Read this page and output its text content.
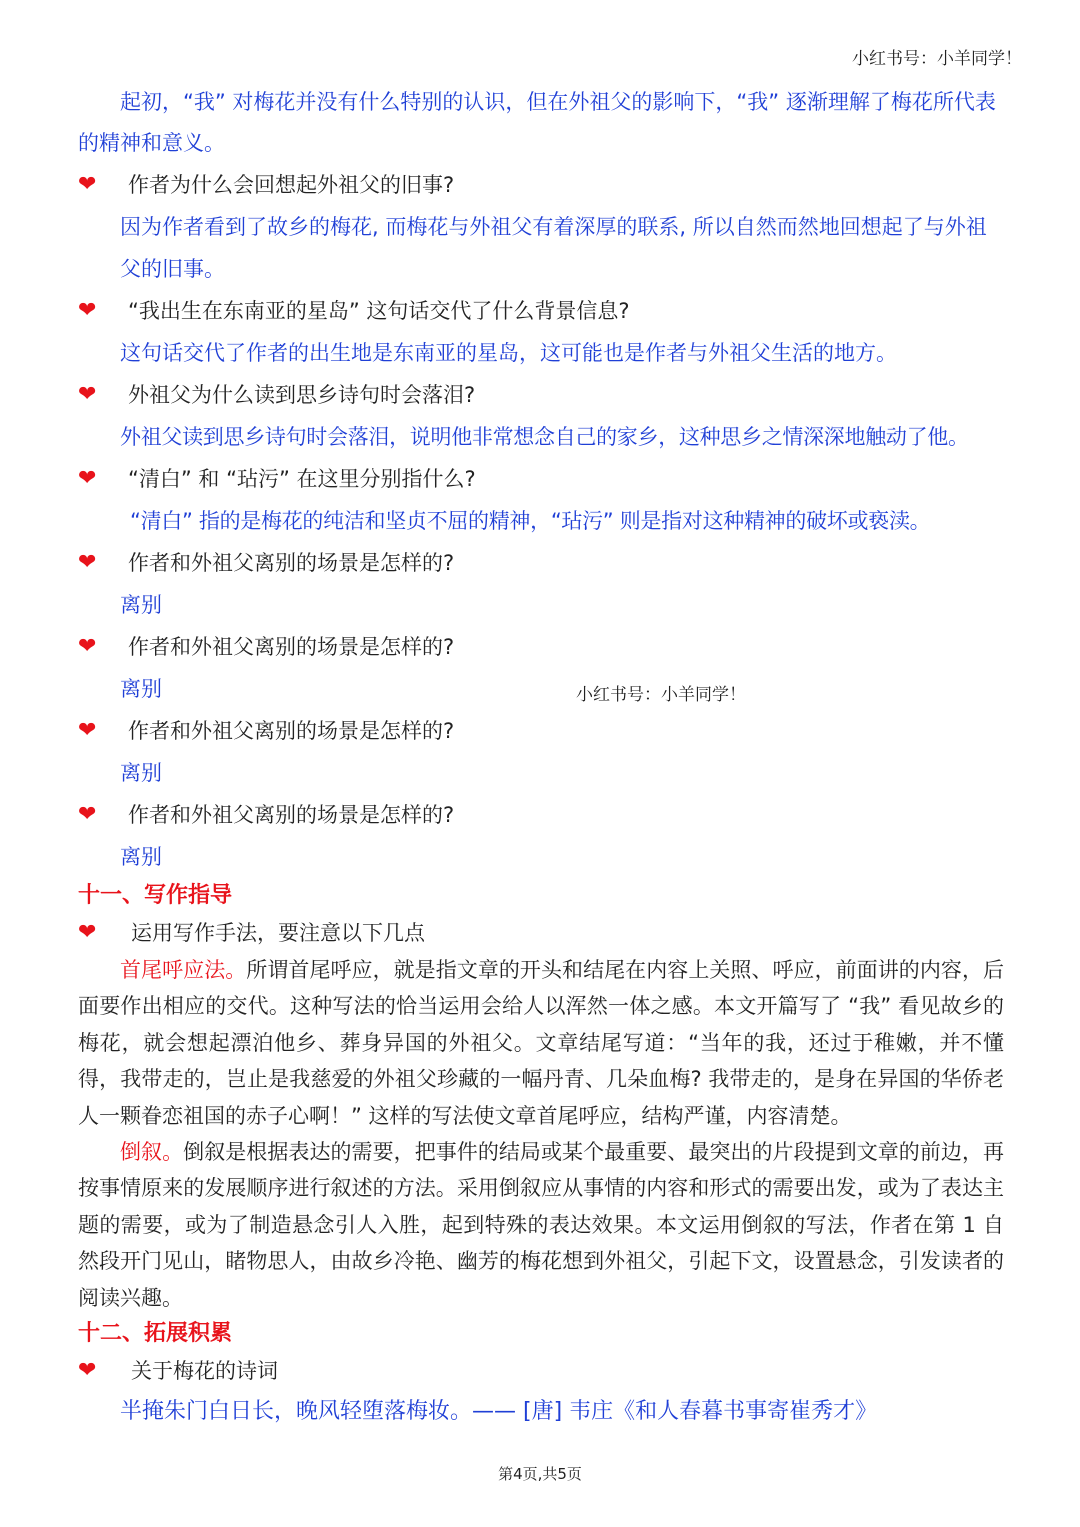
小红书号：小羊同学！
小红书号：小羊同学！

起初，“我” 对梅花并没有什么特别的认识，但在外祖父的影响下，“我” 逐渐理解了梅花所代表的精神和意义。

❤ 作者为什么会回想起外祖父的旧事?

因为作者看到了故乡的梅花, 而梅花与外祖父有着深厚的联系, 所以自然而然地回想起了与外祖父的旧事。

❤ “我出生在东南亚的星岛” 这句话交代了什么背景信息?

这句话交代了作者的出生地是东南亚的星岛，这可能也是作者与外祖父生活的地方。

❤ 外祖父为什么读到思乡诗句时会落泪?

外祖父读到思乡诗句时会落泪，说明他非常想念自己的家乡，这种思乡之情深深地触动了他。

❤ “清白” 和 “玷污” 在这里分别指什么?

“清白” 指的是梅花的纯洁和坚贞不屈的精神，“玷污” 则是指对这种精神的破坏或亵渎。

❤ 作者和外祖父离别的场景是怎样的?

离别

❤ 作者和外祖父离别的场景是怎样的?

离别

❤ 作者和外祖父离别的场景是怎样的?

离别

❤ 作者和外祖父离别的场景是怎样的?

离别

十一、写作指导

❤ 运用写作手法，要注意以下几点

首尾呼应法。所谓首尾呼应，就是指文章的开头和结尾在内容上关照、呼应，前面讲的内容，后面要作出相应的交代。这种写法的恰当运用会给人以浑然一体之感。本文开篇写了 “我” 看见故乡的梅花，就会想起漂泊他乡、葬身异国的外祖父。文章结尾写道：“当年的我，还过于稚嫩，并不懂得，我带走的，岂止是我慈爱的外祖父珍藏的一幅丹青、几朵血梅? 我带走的，是身在异国的华侨老人一颗眷恋祖国的赤子心啊！” 这样的写法使文章首尾呼应，结构严谨，内容清楚。

倒叙。倒叙是根据表达的需要，把事件的结局或某个最重要、最突出的片段提到文章的前边，再按事情原来的发展顺序进行叙述的方法。采用倒叙应从事情的内容和形式的需要出发，或为了表达主题的需要，或为了制造悬念引人入胜，起到特殊的表达效果。本文运用倒叙的写法，作者在第 1 自然段开门见山，睹物思人，由故乡冷艳、幽芳的梅花想到外祖父，引起下文，设置悬念，引发读者的阅读兴趣。

十二、拓展积累

❤ 关于梅花的诗词

半掩朱门白日长，晚风轻堕落梅妆。—— [唐] 韦庄《和人春暮书事寄崔秀才》

第4页,共5页
